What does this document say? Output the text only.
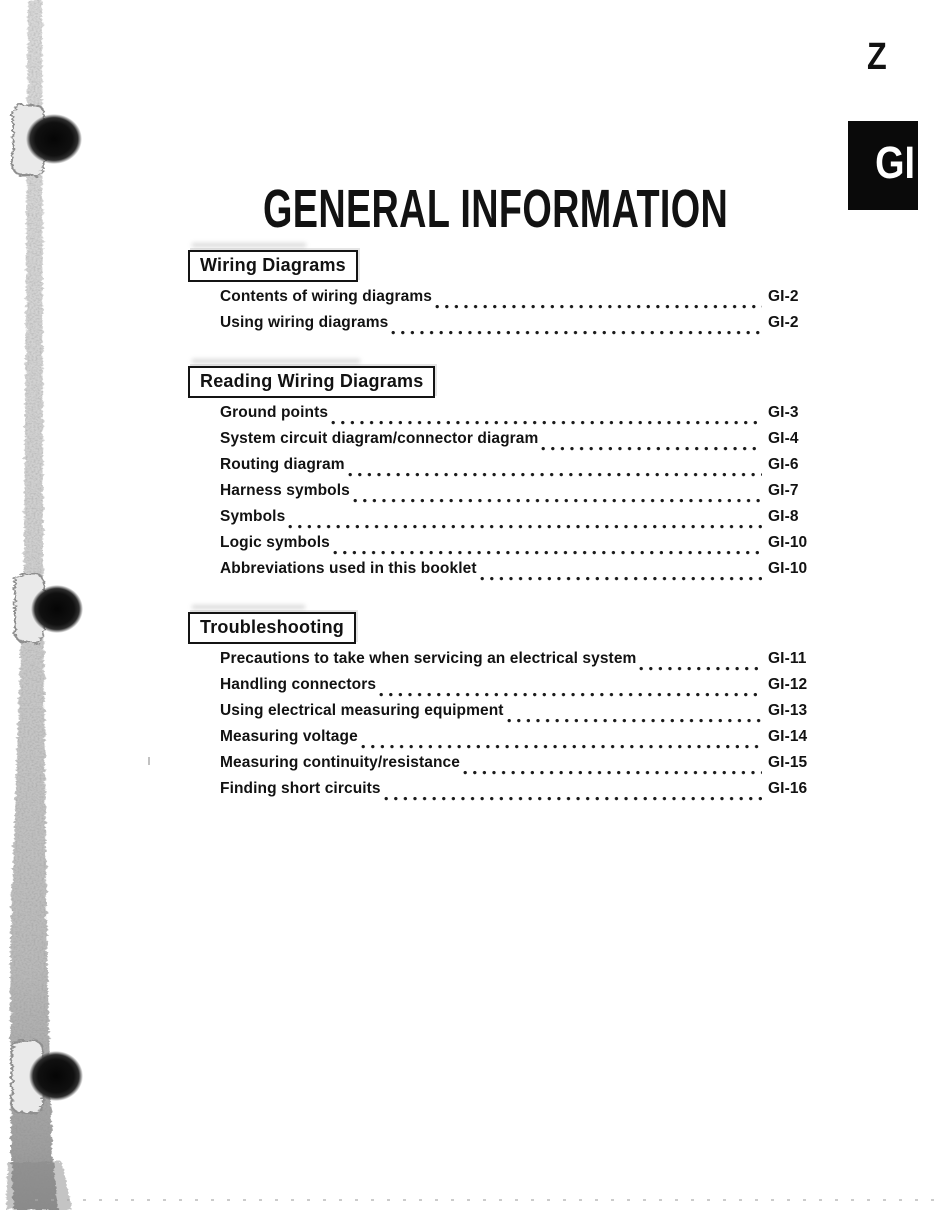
Z
GI
GENERAL INFORMATION
Wiring Diagrams
Contents of wiring diagrams	GI-2
Using wiring diagrams	GI-2
Reading Wiring Diagrams
Ground points	GI-3
System circuit diagram/connector diagram	GI-4
Routing diagram	GI-6
Harness symbols	GI-7
Symbols	GI-8
Logic symbols	GI-10
Abbreviations used in this booklet	GI-10
Troubleshooting
Precautions to take when servicing an electrical system	GI-11
Handling connectors	GI-12
Using electrical measuring equipment	GI-13
Measuring voltage	GI-14
Measuring continuity/resistance	GI-15
Finding short circuits	GI-16
